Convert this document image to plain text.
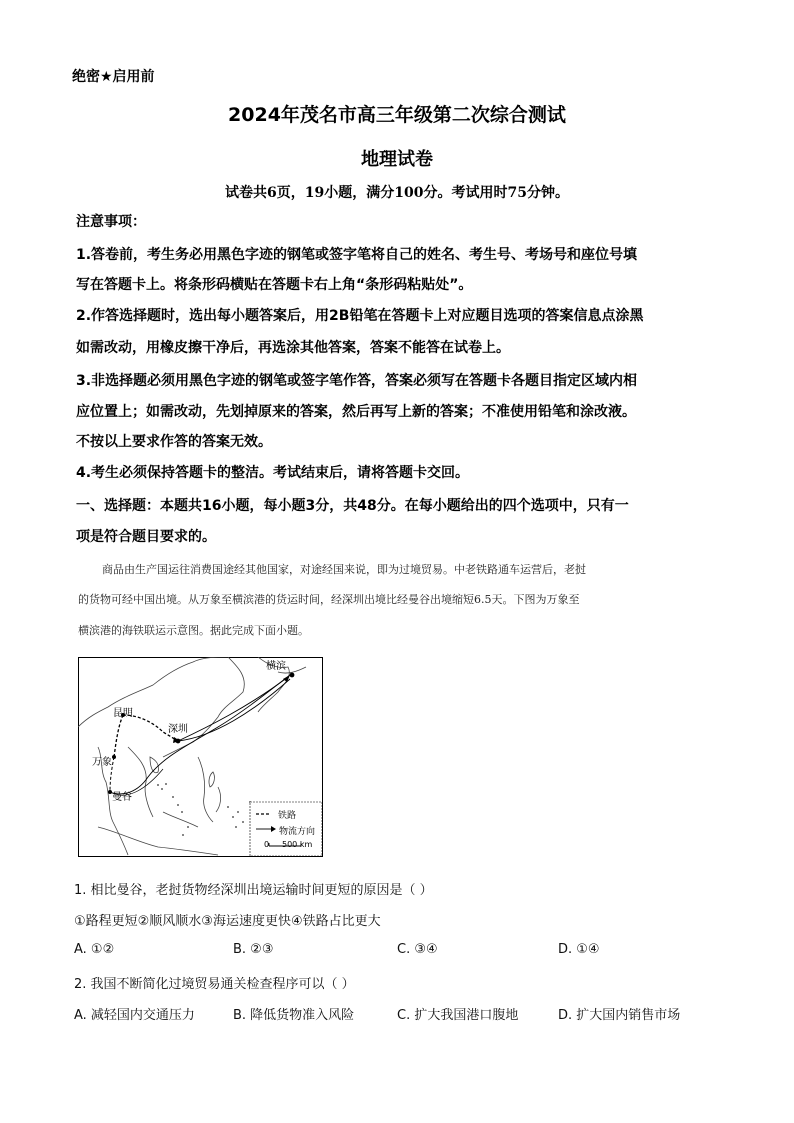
绝密★启用前
2024年茂名市高三年级第二次综合测试
地理试卷
试卷共6页，19小题，满分100分。考试用时75分钟。
注意事项：
1.答卷前，考生务必用黑色字迹的钢笔或签字笔将自己的姓名、考生号、考场号和座位号填
写在答题卡上。将条形码横贴在答题卡右上角“条形码粘贴处”。
2.作答选择题时，选出每小题答案后，用2B铅笔在答题卡上对应题目选项的答案信息点涂黑
如需改动，用橡皮擦干净后，再选涂其他答案，答案不能答在试卷上。
3.非选择题必须用黑色字迹的钢笔或签字笔作答，答案必须写在答题卡各题目指定区域内相
应位置上；如需改动，先划掉原来的答案，然后再写上新的答案；不准使用铅笔和涂改液。
不按以上要求作答的答案无效。
4.考生必须保持答题卡的整洁。考试结束后，请将答题卡交回。
一、选择题：本题共16小题，每小题3分，共48分。在每小题给出的四个选项中，只有一
项是符合题目要求的。
商品由生产国运往消费国途经其他国家，对途经国来说，即为过境贸易。中老铁路通车运营后，老挝
的货物可经中国出境。从万象至横滨港的货运时间，经深圳出境比经曼谷出境缩短6.5天。下图为万象至
横滨港的海铁联运示意图。据此完成下面小题。
横滨
昆明
深圳
万象
曼谷
铁路
物流方向
0 500 km
1. 相比曼谷，老挝货物经深圳出境运输时间更短的原因是（ ）
①路程更短②顺风顺水③海运速度更快④铁路占比更大
A. ①②	B. ②③	C. ③④	D. ①④
2. 我国不断简化过境贸易通关检查程序可以（ ）
A. 减轻国内交通压力	B. 降低货物准入风险	C. 扩大我国港口腹地	D. 扩大国内销售市场
